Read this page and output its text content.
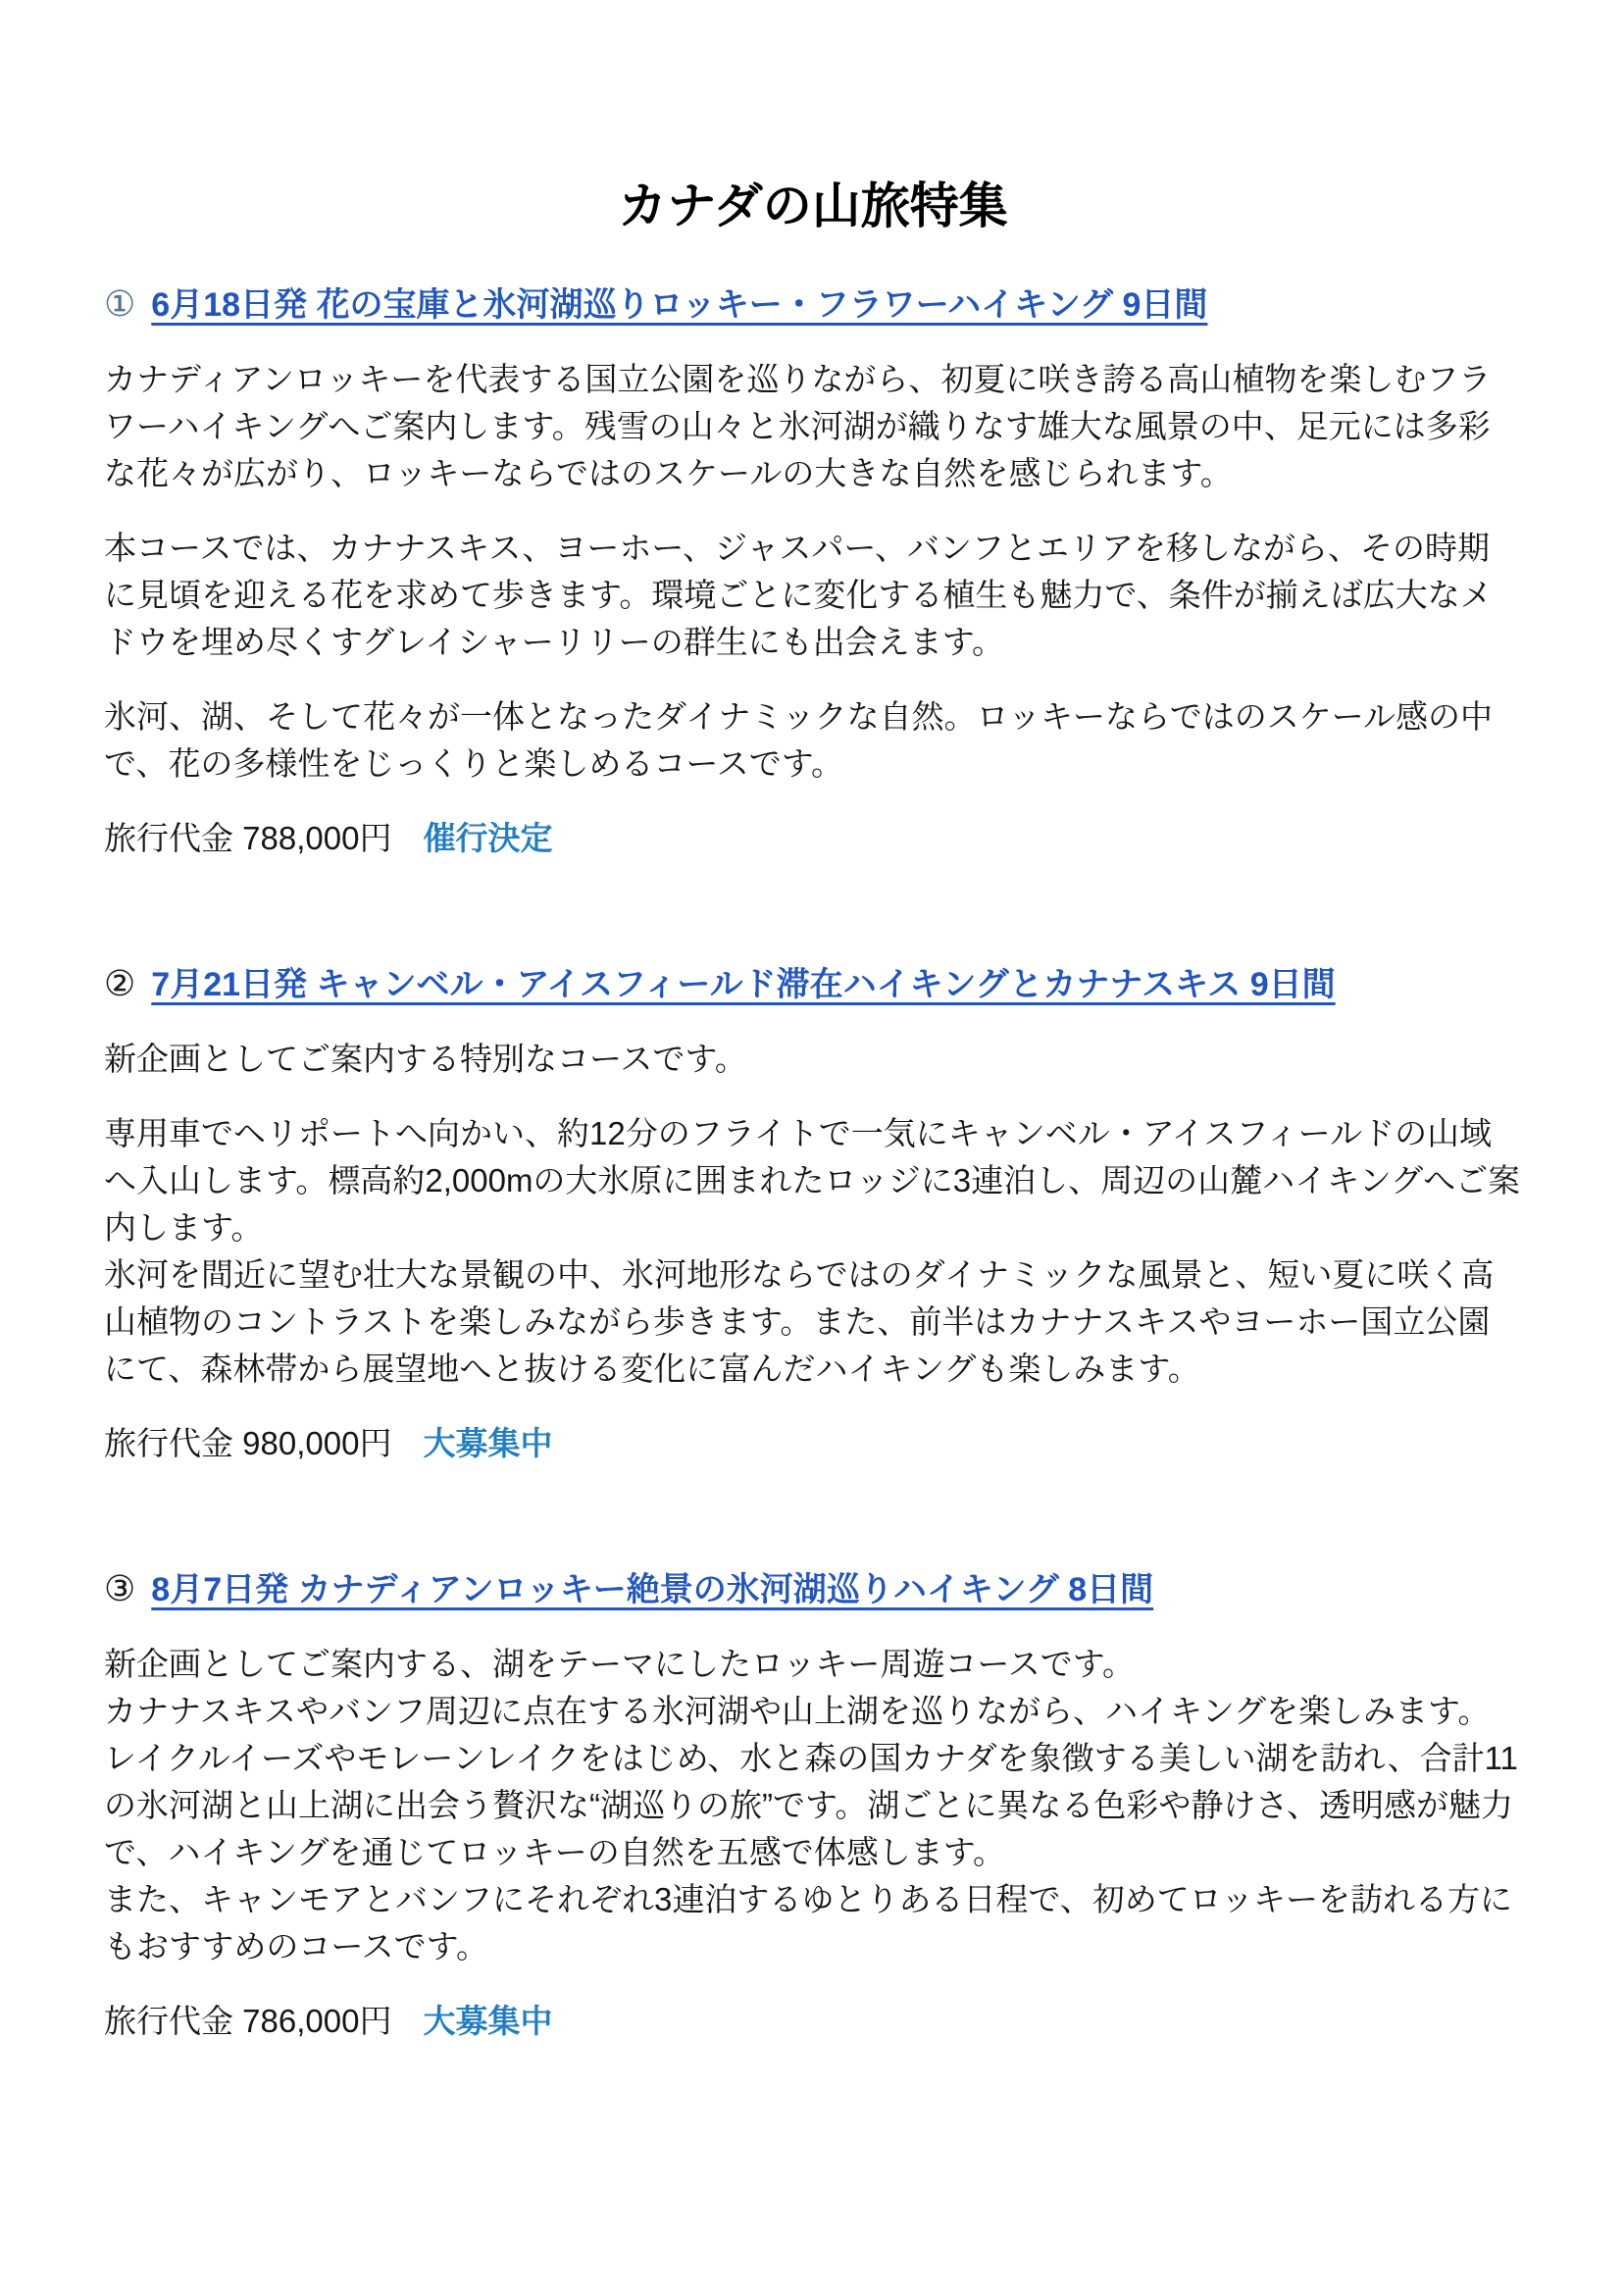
カナダの山旅特集
① 6月18日発 花の宝庫と氷河湖巡りロッキー・フラワーハイキング 9日間
カナディアンロッキーを代表する国立公園を巡りながら、初夏に咲き誇る高山植物を楽しむフラワーハイキングへご案内します。残雪の山々と氷河湖が織りなす雄大な風景の中、足元には多彩な花々が広がり、ロッキーならではのスケールの大きな自然を感じられます。
本コースでは、カナナスキス、ヨーホー、ジャスパー、バンフとエリアを移しながら、その時期に見頃を迎える花を求めて歩きます。環境ごとに変化する植生も魅力で、条件が揃えば広大なメドウを埋め尽くすグレイシャーリリーの群生にも出会えます。
氷河、湖、そして花々が一体となったダイナミックな自然。ロッキーならではのスケール感の中で、花の多様性をじっくりと楽しめるコースです。

旅行代金 788,000円 催行決定

② 7月21日発 キャンベル・アイスフィールド滞在ハイキングとカナナスキス 9日間
新企画としてご案内する特別なコースです。
専用車でヘリポートへ向かい、約12分のフライトで一気にキャンベル・アイスフィールドの山域へ入山します。標高約2,000mの大氷原に囲まれたロッジに3連泊し、周辺の山麓ハイキングへご案内します。
氷河を間近に望む壮大な景観の中、氷河地形ならではのダイナミックな風景と、短い夏に咲く高山植物のコントラストを楽しみながら歩きます。また、前半はカナナスキスやヨーホー国立公園にて、森林帯から展望地へと抜ける変化に富んだハイキングも楽しみます。

旅行代金 980,000円 大募集中

③ 8月7日発 カナディアンロッキー絶景の氷河湖巡りハイキング 8日間
新企画としてご案内する、湖をテーマにしたロッキー周遊コースです。
カナナスキスやバンフ周辺に点在する氷河湖や山上湖を巡りながら、ハイキングを楽しみます。
レイクルイーズやモレーンレイクをはじめ、水と森の国カナダを象徴する美しい湖を訪れ、合計11の氷河湖と山上湖に出会う贅沢な“湖巡りの旅”です。湖ごとに異なる色彩や静けさ、透明感が魅力で、ハイキングを通じてロッキーの自然を五感で体感します。
また、キャンモアとバンフにそれぞれ3連泊するゆとりある日程で、初めてロッキーを訪れる方にもおすすめのコースです。

旅行代金 786,000円 大募集中
